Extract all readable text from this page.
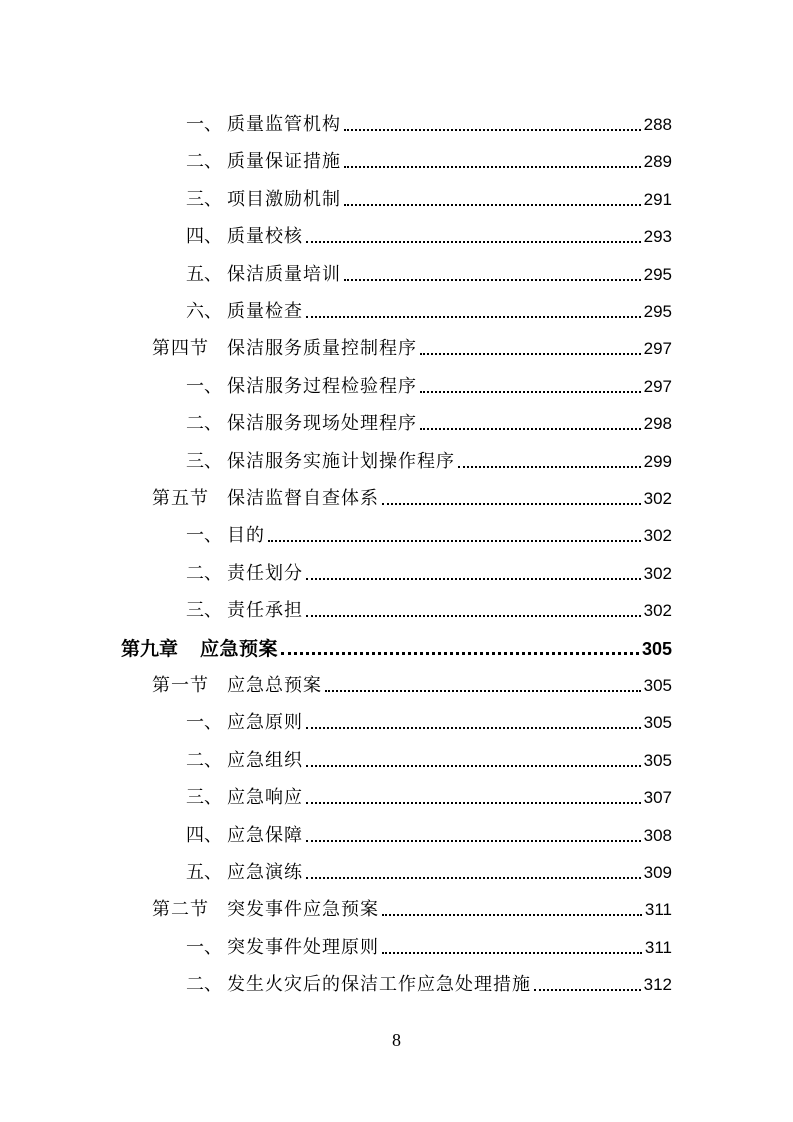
一、 质量监管机构	288
二、 质量保证措施	289
三、 项目激励机制	291
四、 质量校核	293
五、 保洁质量培训	295
六、 质量检查	295
第四节	保洁服务质量控制程序	297
一、 保洁服务过程检验程序	297
二、 保洁服务现场处理程序	298
三、 保洁服务实施计划操作程序	299
第五节	保洁监督自查体系	302
一、 目的	302
二、 责任划分	302
三、 责任承担	302
第九章	应急预案	305
第一节	应急总预案	305
一、 应急原则	305
二、 应急组织	305
三、 应急响应	307
四、 应急保障	308
五、 应急演练	309
第二节	突发事件应急预案	311
一、 突发事件处理原则	311
二、 发生火灾后的保洁工作应急处理措施	312
8
